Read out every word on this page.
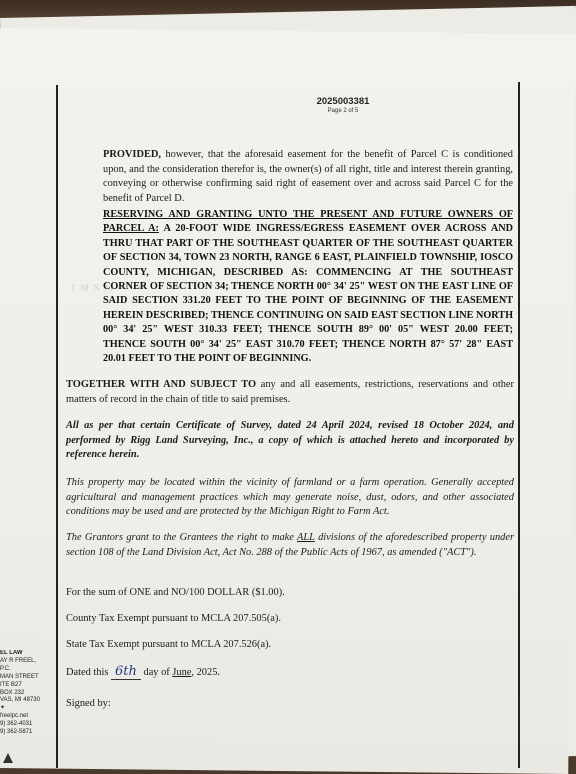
T  M  N  M

2025003381
Page 2 of 5
PROVIDED, however, that the aforesaid easement for the benefit of Parcel C is conditioned upon, and the consideration therefor is, the owner(s) of all right, title and interest therein granting, conveying or otherwise confirming said right of easement over and across said Parcel C for the benefit of Parcel D.
RESERVING AND GRANTING UNTO THE PRESENT AND FUTURE OWNERS OF PARCEL A: A 20-FOOT WIDE INGRESS/EGRESS EASEMENT OVER ACROSS AND THRU THAT PART OF THE SOUTHEAST QUARTER OF THE SOUTHEAST QUARTER OF SECTION 34, TOWN 23 NORTH, RANGE 6 EAST, PLAINFIELD TOWNSHIP, IOSCO COUNTY, MICHIGAN, DESCRIBED AS: COMMENCING AT THE SOUTHEAST CORNER OF SECTION 34; THENCE NORTH 00° 34' 25" WEST ON THE EAST LINE OF SAID SECTION 331.20 FEET TO THE POINT OF BEGINNING OF THE EASEMENT HEREIN DESCRIBED; THENCE CONTINUING ON SAID EAST SECTION LINE NORTH 00° 34' 25" WEST 310.33 FEET; THENCE SOUTH 89° 00' 05" WEST 20.00 FEET; THENCE SOUTH 00° 34' 25" EAST 310.70 FEET; THENCE NORTH 87° 57' 28" EAST 20.01 FEET TO THE POINT OF BEGINNING.
TOGETHER WITH AND SUBJECT TO any and all easements, restrictions, reservations and other matters of record in the chain of title to said premises.
All as per that certain Certificate of Survey, dated 24 April 2024, revised 18 October 2024, and performed by Rigg Land Surveying, Inc., a copy of which is attached hereto and incorporated by reference herein.
This property may be located within the vicinity of farmland or a farm operation. Generally accepted agricultural and management practices which may generate noise, dust, odors, and other associated conditions may be used and are protected by the Michigan Right to Farm Act.
The Grantors grant to the Grantees the right to make ALL divisions of the aforedescribed property under section 108 of the Land Division Act, Act No. 288 of the Public Acts of 1967, as amended ("ACT").
For the sum of ONE and NO/100 DOLLAR ($1.00).
County Tax Exempt pursuant to MCLA 207.505(a).
State Tax Exempt pursuant to MCLA 207.526(a).
Dated this 6th day of June, 2025.
Signed by:
EL LAW
AY R FREEL,
P.C.
MAN STREET
ITE B27
BOX 232
VAS, MI 48730
✦
freelpc.net
9) 362-4031
9) 362-5871
